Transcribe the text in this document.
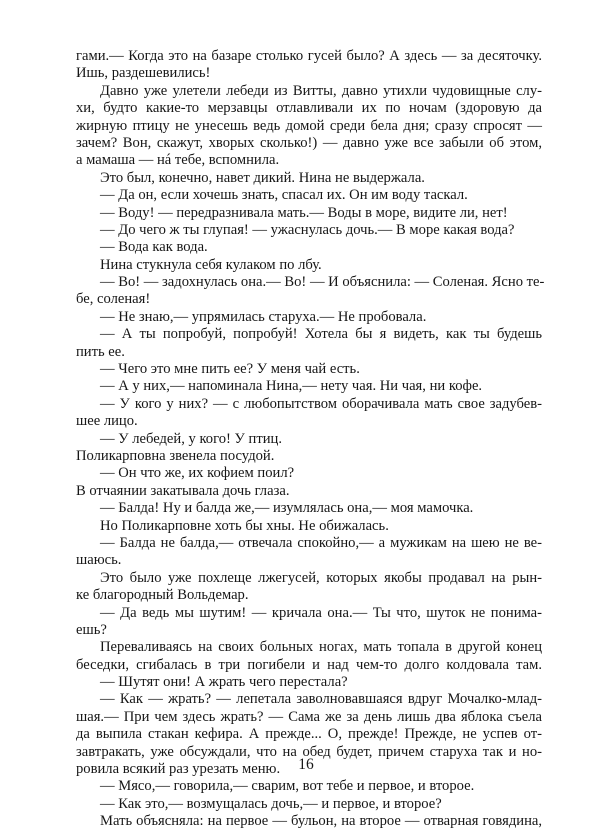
гами.— Когда это на базаре столько гусей было? А здесь — за десяточку.
Ишь, раздешевились!
Давно уже улетели лебеди из Витты, давно утихли чудовищные слу-
хи, будто какие-то мерзавцы отлавливали их по ночам (здоровую да
жирную птицу не унесешь ведь домой среди бела дня; сразу спросят —
зачем? Вон, скажут, хворых сколько!) — давно уже все забыли об этом,
а мамаша — нá тебе, вспомнила.
Это был, конечно, навет дикий. Нина не выдержала.
— Да он, если хочешь знать, спасал их. Он им воду таскал.
— Воду! — передразнивала мать.— Воды в море, видите ли, нет!
— До чего ж ты глупая! — ужаснулась дочь.— В море какая вода?
— Вода как вода.
Нина стукнула себя кулаком по лбу.
— Во! — задохнулась она.— Во! — И объяснила: — Соленая. Ясно те-
бе, соленая!
— Не знаю,— упрямилась старуха.— Не пробовала.
— А ты попробуй, попробуй! Хотела бы я видеть, как ты будешь
пить ее.
— Чего это мне пить ее? У меня чай есть.
— А у них,— напоминала Нина,— нету чая. Ни чая, ни кофе.
— У кого у них? — с любопытством оборачивала мать свое задубев-
шее лицо.
— У лебедей, у кого! У птиц.
Поликарповна звенела посудой.
— Он что же, их кофием поил?
В отчаянии закатывала дочь глаза.
— Балда! Ну и балда же,— изумлялась она,— моя мамочка.
Но Поликарповне хоть бы хны. Не обижалась.
— Балда не балда,— отвечала спокойно,— а мужикам на шею не ве-
шаюсь.
Это было уже похлеще лжегусей, которых якобы продавал на рын-
ке благородный Вольдемар.
— Да ведь мы шутим! — кричала она.— Ты что, шуток не понима-
ешь?
Переваливаясь на своих больных ногах, мать топала в другой конец
беседки, сгибалась в три погибели и над чем-то долго колдовала там.
— Шутят они! А жрать чего перестала?
— Как — жрать? — лепетала заволновавшаяся вдруг Мочалко-млад-
шая.— При чем здесь жрать? — Сама же за день лишь два яблока съела
да выпила стакан кефира. А прежде... О, прежде! Прежде, не успев от-
завтракать, уже обсуждали, что на обед будет, причем старуха так и но-
ровила всякий раз урезать меню.
— Мясо,— говорила,— сварим, вот тебе и первое, и второе.
— Как это,— возмущалась дочь,— и первое, и второе?
Мать объясняла: на первое — бульон, на второе — отварная говядина,
16
